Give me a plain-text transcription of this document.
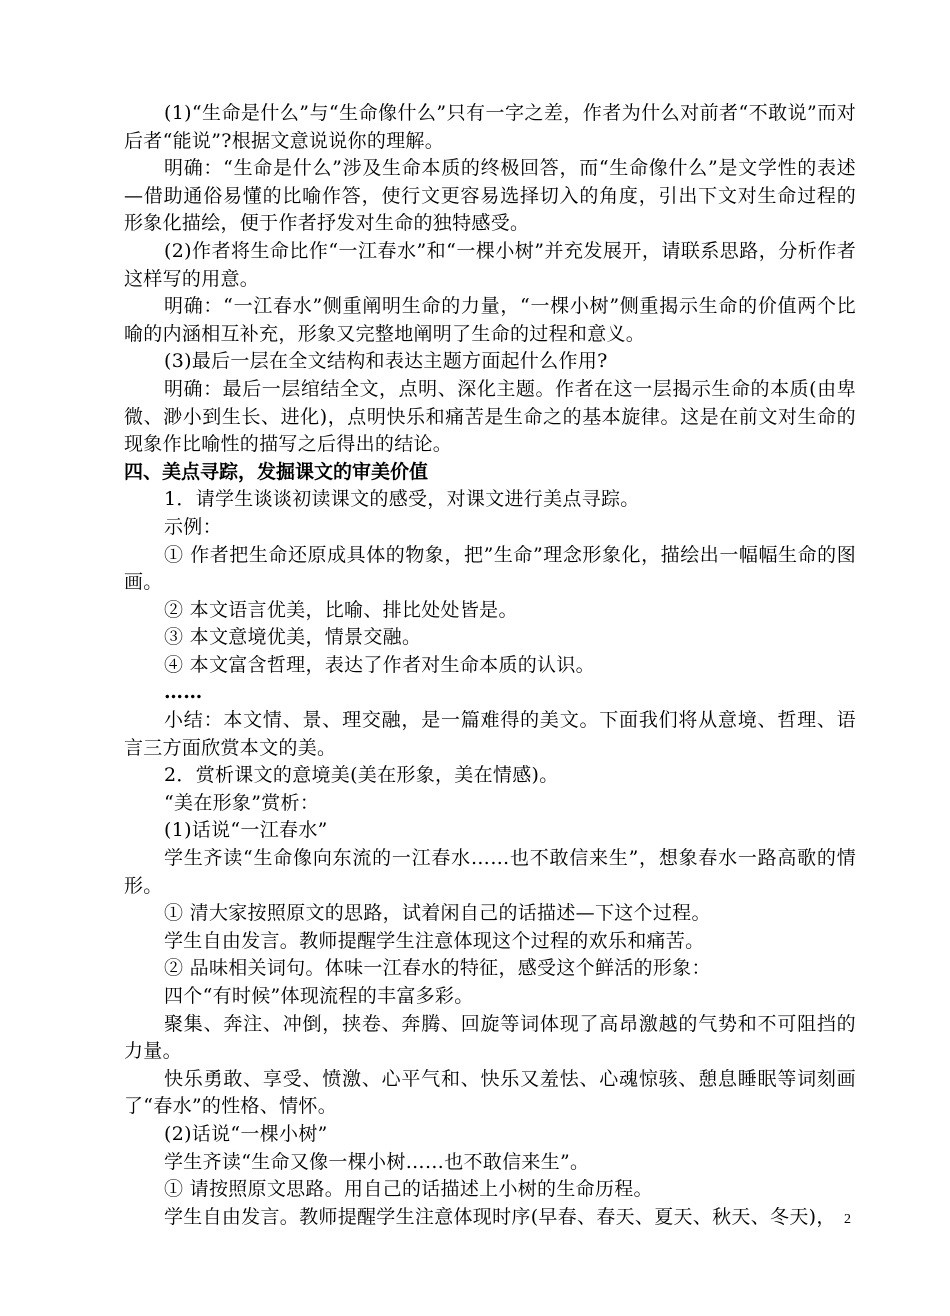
(1)“生命是什么”与“生命像什么”只有一字之差，作者为什么对前者“不敢说”而对后者“能说”?根据文意说说你的理解。

明确：“生命是什么”涉及生命本质的终极回答，而“生命像什么”是文学性的表述—借助通俗易懂的比喻作答，使行文更容易选择切入的角度，引出下文对生命过程的形象化描绘，便于作者抒发对生命的独特感受。

(2)作者将生命比作“一江春水”和“一棵小树”并充发展开，请联系思路，分析作者这样写的用意。

明确：“一江春水”侧重阐明生命的力量，“一棵小树”侧重揭示生命的价值两个比喻的内涵相互补充，形象又完整地阐明了生命的过程和意义。

(3)最后一层在全文结构和表达主题方面起什么作用?

明确：最后一层绾结全文，点明、深化主题。作者在这一层揭示生命的本质(由卑微、渺小到生长、进化)，点明快乐和痛苦是生命之的基本旋律。这是在前文对生命的现象作比喻性的描写之后得出的结论。

四、美点寻踪，发掘课文的审美价值

1．请学生谈谈初读课文的感受，对课文进行美点寻踪。

示例：

① 作者把生命还原成具体的物象，把”生命”理念形象化，描绘出一幅幅生命的图画。

② 本文语言优美，比喻、排比处处皆是。

③ 本文意境优美，情景交融。

④ 本文富含哲理，表达了作者对生命本质的认识。

……

小结：本文情、景、理交融，是一篇难得的美文。下面我们将从意境、哲理、语言三方面欣赏本文的美。

2．赏析课文的意境美(美在形象，美在情感)。

“美在形象”赏析：

(1)话说“一江春水”

学生齐读“生命像向东流的一江春水……也不敢信来生”，想象春水一路高歌的情形。

① 清大家按照原文的思路，试着闲自己的话描述—下这个过程。

学生自由发言。教师提醒学生注意体现这个过程的欢乐和痛苦。

② 品味相关词句。体味一江春水的特征，感受这个鲜活的形象：

四个“有时候”体现流程的丰富多彩。

聚集、奔注、冲倒，挟卷、奔腾、回旋等词体现了高昂激越的气势和不可阻挡的力量。

快乐勇敢、享受、愤激、心平气和、快乐又羞怯、心魂惊骇、憩息睡眠等词刻画了“春水”的性格、情怀。

(2)话说“一棵小树”

学生齐读“生命又像一棵小树……也不敢信来生”。

① 请按照原文思路。用自己的话描述上小树的生命历程。

学生自由发言。教师提醒学生注意体现时序(早春、春天、夏天、秋天、冬天)， 2
